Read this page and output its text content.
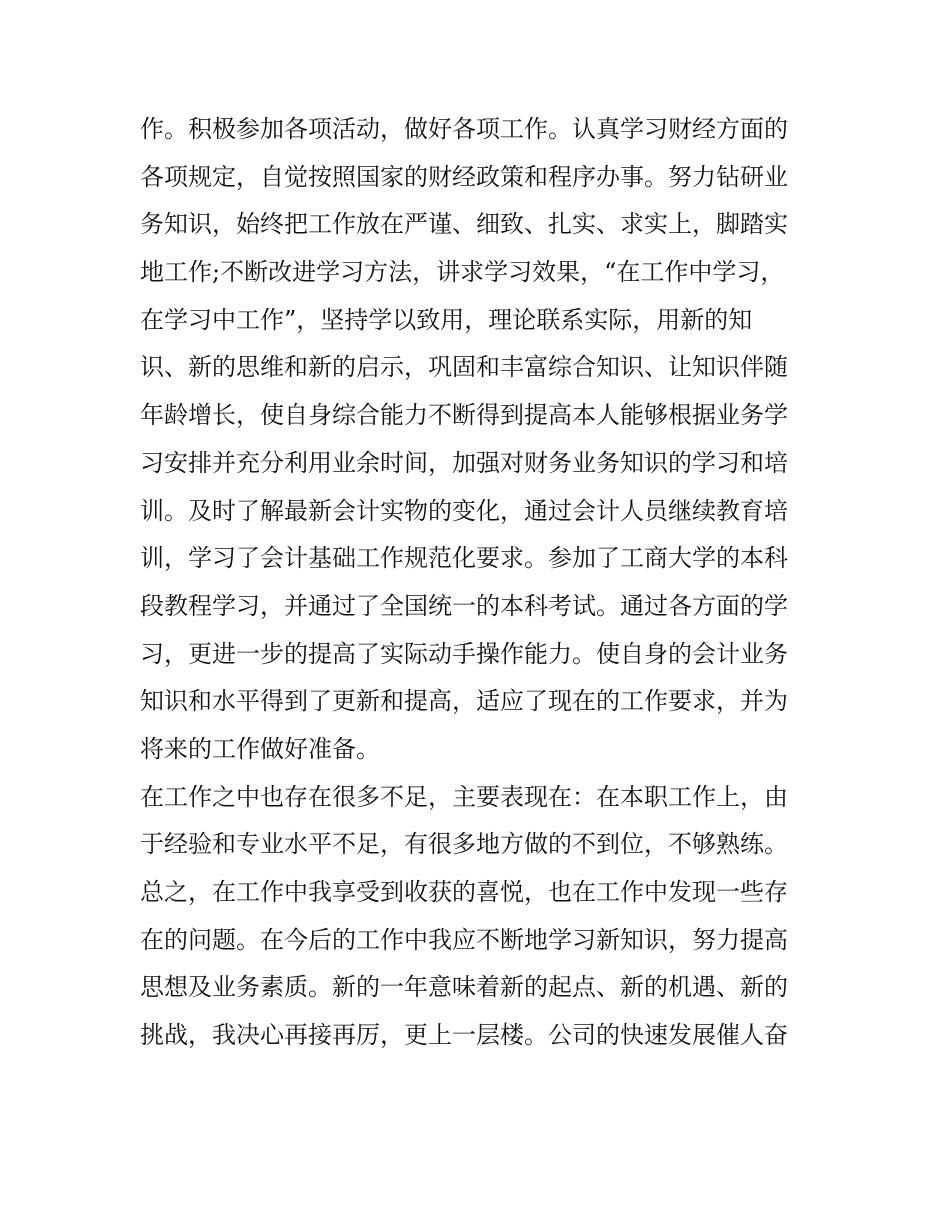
作。积极参加各项活动，做好各项工作。认真学习财经方面的
各项规定，自觉按照国家的财经政策和程序办事。努力钻研业
务知识，始终把工作放在严谨、细致、扎实、求实上，脚踏实
地工作;不断改进学习方法，讲求学习效果，“在工作中学习，
在学习中工作”，坚持学以致用，理论联系实际，用新的知
识、新的思维和新的启示，巩固和丰富综合知识、让知识伴随
年龄增长，使自身综合能力不断得到提高本人能够根据业务学
习安排并充分利用业余时间，加强对财务业务知识的学习和培
训。及时了解最新会计实物的变化，通过会计人员继续教育培
训，学习了会计基础工作规范化要求。参加了工商大学的本科
段教程学习，并通过了全国统一的本科考试。通过各方面的学
习，更进一步的提高了实际动手操作能力。使自身的会计业务
知识和水平得到了更新和提高，适应了现在的工作要求，并为
将来的工作做好准备。
在工作之中也存在很多不足，主要表现在：在本职工作上，由
于经验和专业水平不足，有很多地方做的不到位，不够熟练。
总之，在工作中我享受到收获的喜悦，也在工作中发现一些存
在的问题。在今后的工作中我应不断地学习新知识，努力提高
思想及业务素质。新的一年意味着新的起点、新的机遇、新的
挑战，我决心再接再厉，更上一层楼。公司的快速发展催人奋
